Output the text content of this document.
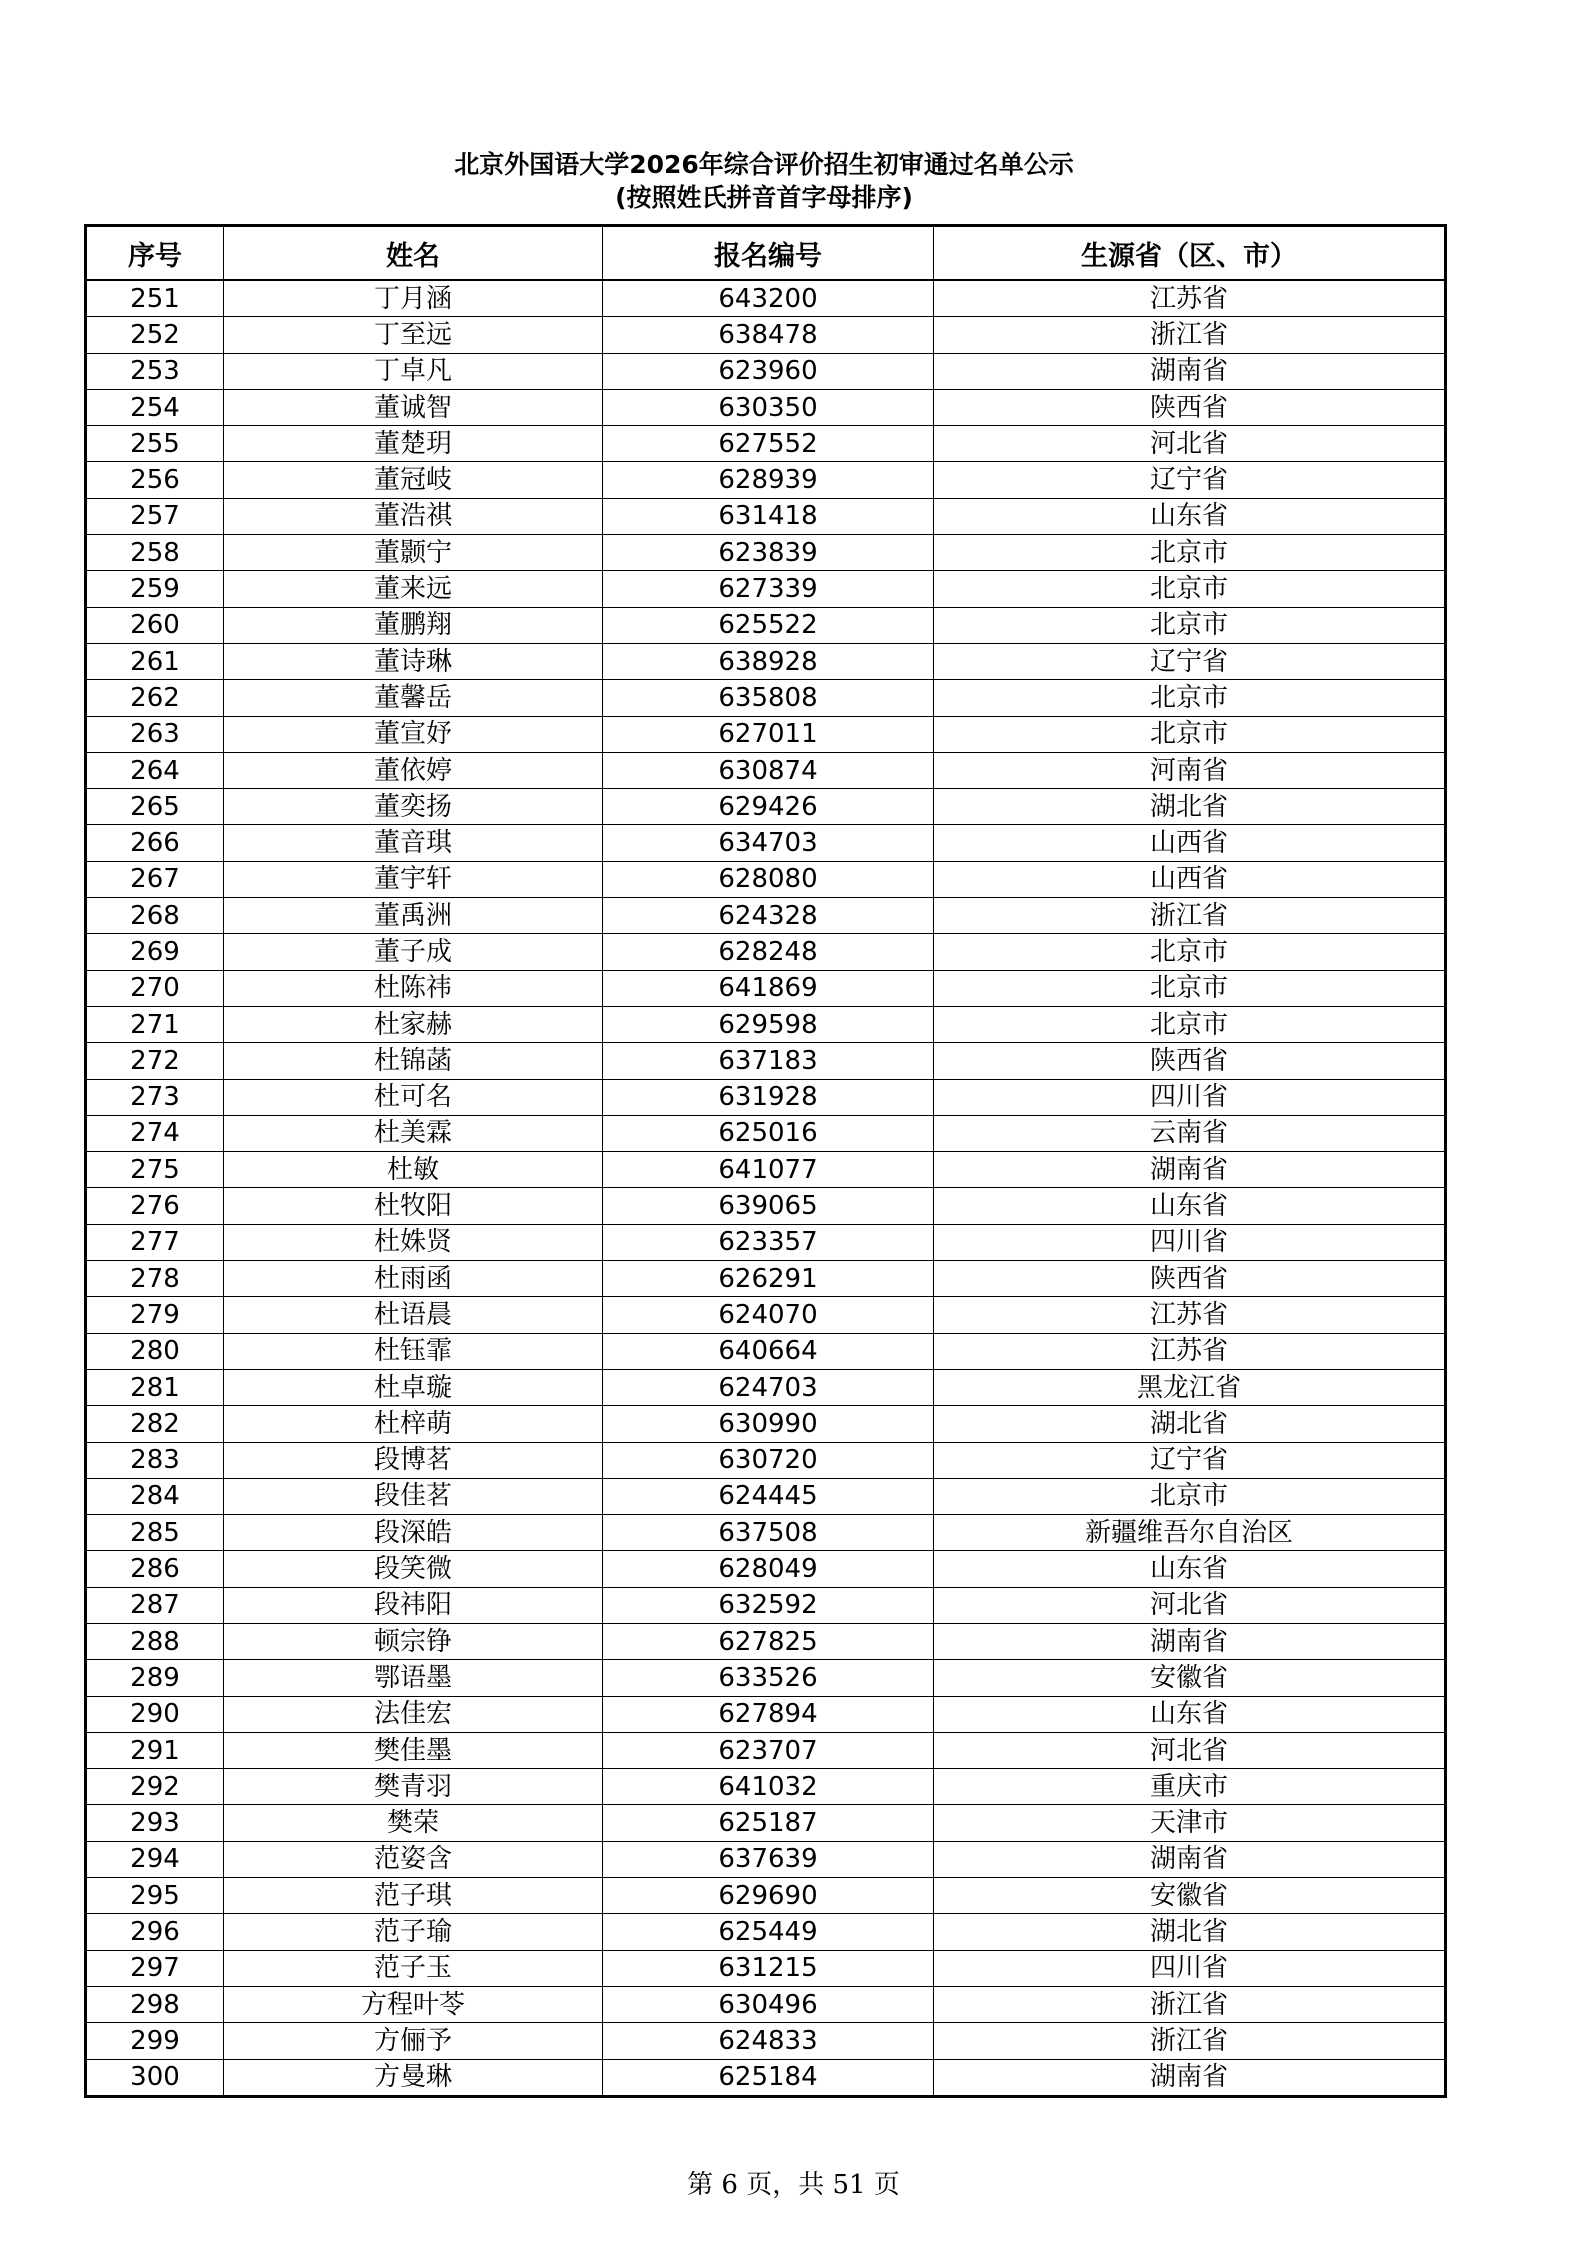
北京外国语大学2026年综合评价招生初审通过名单公示
(按照姓氏拼音首字母排序)
序号	姓名	报名编号	生源省（区、市）
251	丁月涵	643200	江苏省
252	丁至远	638478	浙江省
253	丁卓凡	623960	湖南省
254	董诚智	630350	陕西省
255	董楚玥	627552	河北省
256	董冠岐	628939	辽宁省
257	董浩祺	631418	山东省
258	董颢宁	623839	北京市
259	董来远	627339	北京市
260	董鹏翔	625522	北京市
261	董诗琳	638928	辽宁省
262	董馨岳	635808	北京市
263	董宣妤	627011	北京市
264	董依婷	630874	河南省
265	董奕扬	629426	湖北省
266	董音琪	634703	山西省
267	董宇轩	628080	山西省
268	董禹洲	624328	浙江省
269	董子成	628248	北京市
270	杜陈祎	641869	北京市
271	杜家赫	629598	北京市
272	杜锦菡	637183	陕西省
273	杜可名	631928	四川省
274	杜美霖	625016	云南省
275	杜敏	641077	湖南省
276	杜牧阳	639065	山东省
277	杜姝贤	623357	四川省
278	杜雨函	626291	陕西省
279	杜语晨	624070	江苏省
280	杜钰霏	640664	江苏省
281	杜卓璇	624703	黑龙江省
282	杜梓萌	630990	湖北省
283	段博茗	630720	辽宁省
284	段佳茗	624445	北京市
285	段深皓	637508	新疆维吾尔自治区
286	段笑微	628049	山东省
287	段祎阳	632592	河北省
288	顿宗铮	627825	湖南省
289	鄂语墨	633526	安徽省
290	法佳宏	627894	山东省
291	樊佳墨	623707	河北省
292	樊青羽	641032	重庆市
293	樊荣	625187	天津市
294	范姿含	637639	湖南省
295	范子琪	629690	安徽省
296	范子瑜	625449	湖北省
297	范子玉	631215	四川省
298	方程叶苓	630496	浙江省
299	方俪予	624833	浙江省
300	方曼琳	625184	湖南省
第 6 页，共 51 页
